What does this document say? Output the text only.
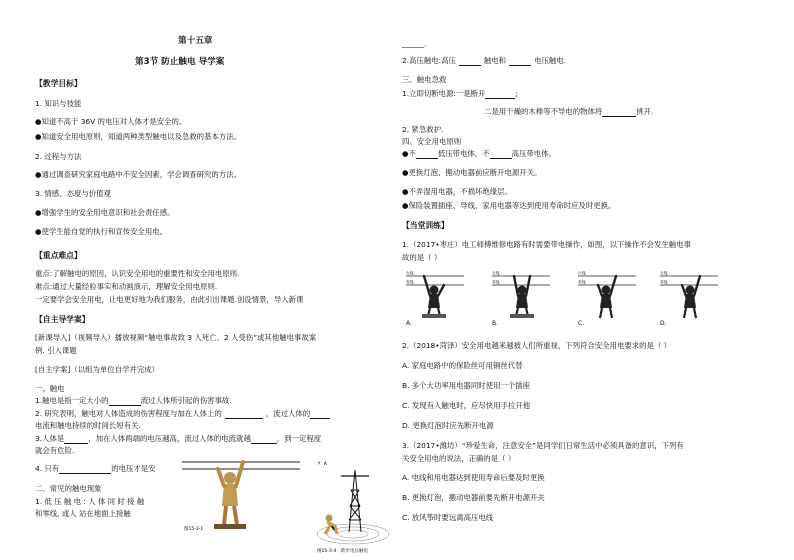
第十五章
第3节 防止触电 导学案
【教学目标】
1. 知识与技能
●知道不高于 36V 的电压对人体才是安全的。
●知道安全用电原则，知道两种类型触电以及急救的基本方法。
2. 过程与方法
●通过调查研究家庭电路中不安全因素，学会调查研究的方法。
3. 情感、态度与价值观
●增强学生的安全用电意识和社会责任感。
●使学生能自觉的执行和宣传安全用电。
【重点难点】
重点:了解触电的原因，认识安全用电的重要性和安全用电原则.
难点:通过大量经验事实和动画演示，理解安全用电原则.
一定要学会安全用电，让电更好地为我们服务，由此引出课题.创设情景，导入新课
【自主导学案】
[新课导入]（视频导入）播放视频“触电事故致 3 人死亡、2 人受伤”或其他触电事故案
例. 引入课题
[自主学案]（以组为单位自学并完成）
一、触电
1.触电是指一定大小的	流过人体所引起的伤害事故.
2. 研究表明，触电对人体造成的伤害程度与加在人体上的	，流过人体的
电流和触电持续的时间长短有关.
3.人体是	，加在人体两端的电压越高，流过人体的电流就越	，到一定程度
就会有危险.
4. 只有	的电压才是安
二、常见的触电现象
1. 低 压 触 电 : 人 体 同 时 接 触
和零线, 或人 站在地面上接触
图15-3-1
⚡ ∧
图15-3-4 跨步电压触电
______.
2.高压触电:高压	触电和	电压触电.
三、触电急救
1.立即切断电源:一是断开	;
二是用干燥的木棒等不导电的物体将	挑开.
2. 紧急救护.
四、安全用电原则
●不	低压带电体，不	高压带电体。
●更换灯泡、搬动电器前应断开电源开关。
●不弄湿用电器，不损坏绝缘层。
●保险装置插座、导线、家用电器等达到使用寿命时应及时更换。
【当堂训练】
1.（2017•枣庄）电工师傅维修电路有时需要带电操作，如图，以下操作不会发生触电事
故的是（ ）
火线
零线
火线
零线
火线
零线
火线
零线
A.	B.	C.	D.
2.（2018•菏泽）安全用电越来越被人们所重视，下列符合安全用电要求的是（ ）
A. 家庭电路中的保险丝可用铜丝代替
B. 多个大功率用电器同时使用一个插座
C. 发现有人触电时，应尽快用手拉开他
D. 更换灯泡时应先断开电源
3.（2017•潍坊）“珍爱生命，注意安全”是同学们日常生活中必须具备的意识，下列有
关安全用电的说法，正确的是（ ）
A. 电线和用电器达到使用寿命后要及时更换
B. 更换灯泡，搬动电器前要先断开电源开关
C. 放风筝时要远离高压电线
